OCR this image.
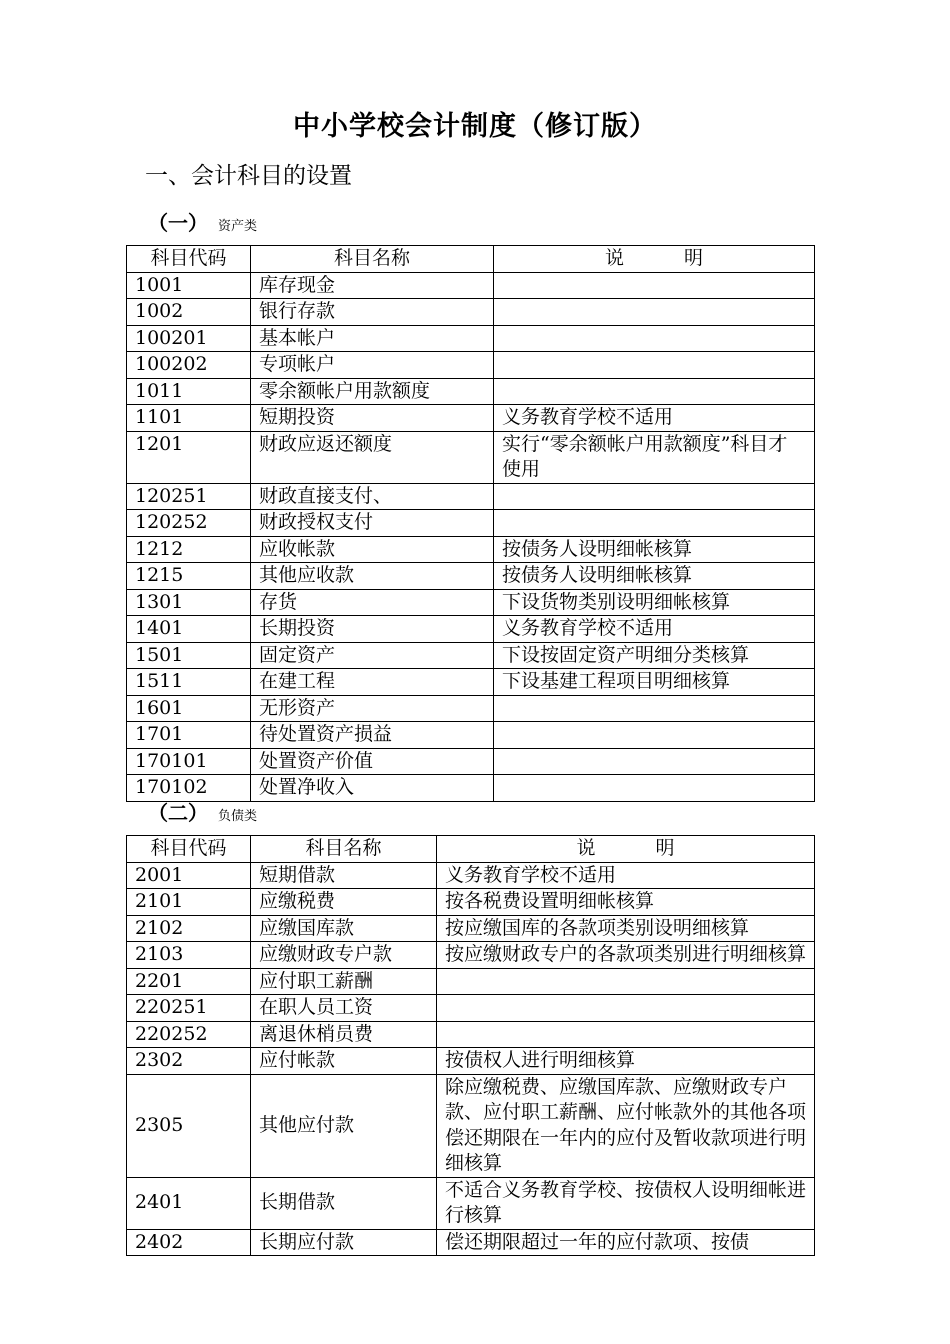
中小学校会计制度（修订版）
一、会计科目的设置
（一） 资产类
科目代码	科目名称	说明
1001	库存现金	
1002	银行存款	
100201	基本帐户	
100202	专项帐户	
1011	零余额帐户用款额度	
1101	短期投资	义务教育学校不适用
1201	财政应返还额度	实行“零余额帐户用款额度”科目才使用
120251	财政直接支付、	
120252	财政授权支付	
1212	应收帐款	按债务人设明细帐核算
1215	其他应收款	按债务人设明细帐核算
1301	存货	下设货物类别设明细帐核算
1401	长期投资	义务教育学校不适用
1501	固定资产	下设按固定资产明细分类核算
1511	在建工程	下设基建工程项目明细核算
1601	无形资产	
1701	待处置资产损益	
170101	处置资产价值	
170102	处置净收入	
（二） 负债类
科目代码	科目名称	说明
2001	短期借款	义务教育学校不适用
2101	应缴税费	按各税费设置明细帐核算
2102	应缴国库款	按应缴国库的各款项类别设明细核算
2103	应缴财政专户款	按应缴财政专户的各款项类别进行明细核算
2201	应付职工薪酬	
220251	在职人员工资	
220252	离退休梢员费	
2302	应付帐款	按债权人进行明细核算
2305	其他应付款	除应缴税费、应缴国库款、应缴财政专户款、应付职工薪酬、应付帐款外的其他各项偿还期限在一年内的应付及暂收款项进行明细核算
2401	长期借款	不适合义务教育学校、按债权人设明细帐进行核算
2402	长期应付款	偿还期限超过一年的应付款项、按债
